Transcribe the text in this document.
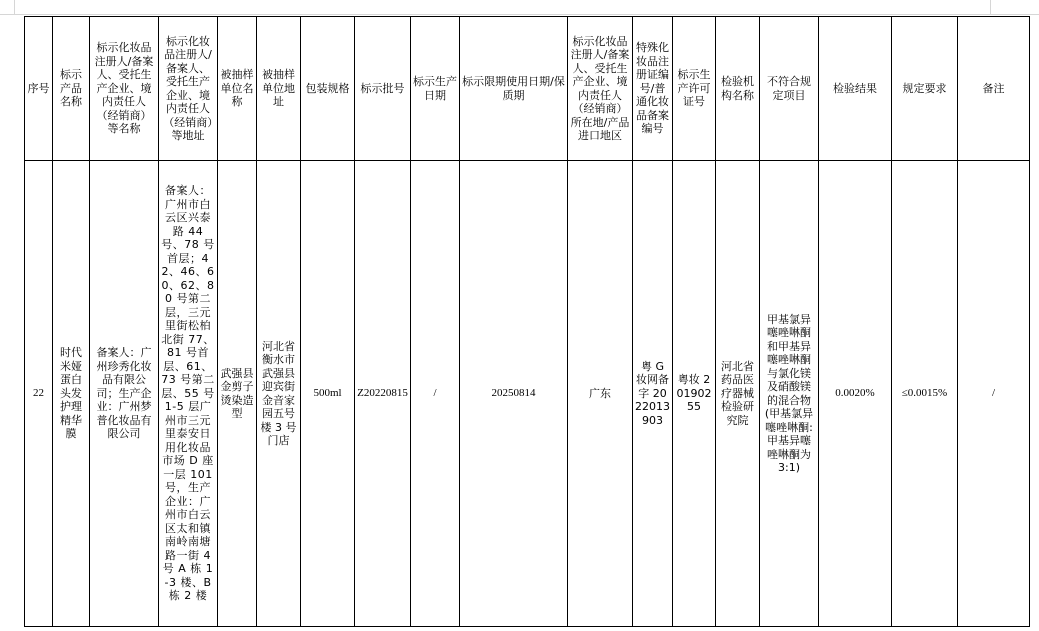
序号	标示产品名称	标示化妆品注册人/备案人、受托生产企业、境内责任人（经销商）等名称	标示化妆品注册人/备案人、受托生产企业、境内责任人（经销商）等地址	被抽样单位名称	被抽样单位地址	包装规格	标示批号	标示生产日期	标示限期使用日期/保质期	标示化妆品注册人/备案人、受托生产企业、境内责任人（经销商）所在地/产品进口地区	特殊化妆品注册证编号/普通化妆品备案编号	标示生产许可证号	检验机构名称	不符合规定项目	检验结果	规定要求	备注
22	时代米娅蛋白头发护理精华膜	备案人：广州珍秀化妆品有限公司；生产企业：广州梦普化妆品有限公司	备案人：广州市白云区兴泰路 44 号、78 号首层；42、46、60、62、80 号第二层，三元里街松柏北街 77、81 号首层、61、73 号第二层、55 号 1-5 层广州市三元里泰安日用化妆品市场 D 座一层 101 号，生产企业：广州市白云区太和镇南岭南塘路一街 4 号 A 栋 1-3 楼、B 栋 2 楼	武强县金剪子烫染造型	河北省衡水市武强县迎宾街金音家园五号楼 3 号门店	500ml	Z20220815	/	20250814	广东	粤 G 妆网备字 2022013903	粤妆 20190255	河北省药品医疗器械检验研究院	甲基氯异噻唑啉酮和甲基异噻唑啉酮与氯化镁及硝酸镁的混合物(甲基氯异噻唑啉酮:甲基异噻唑啉酮为 3:1)	0.0020%	≤0.0015%	/
